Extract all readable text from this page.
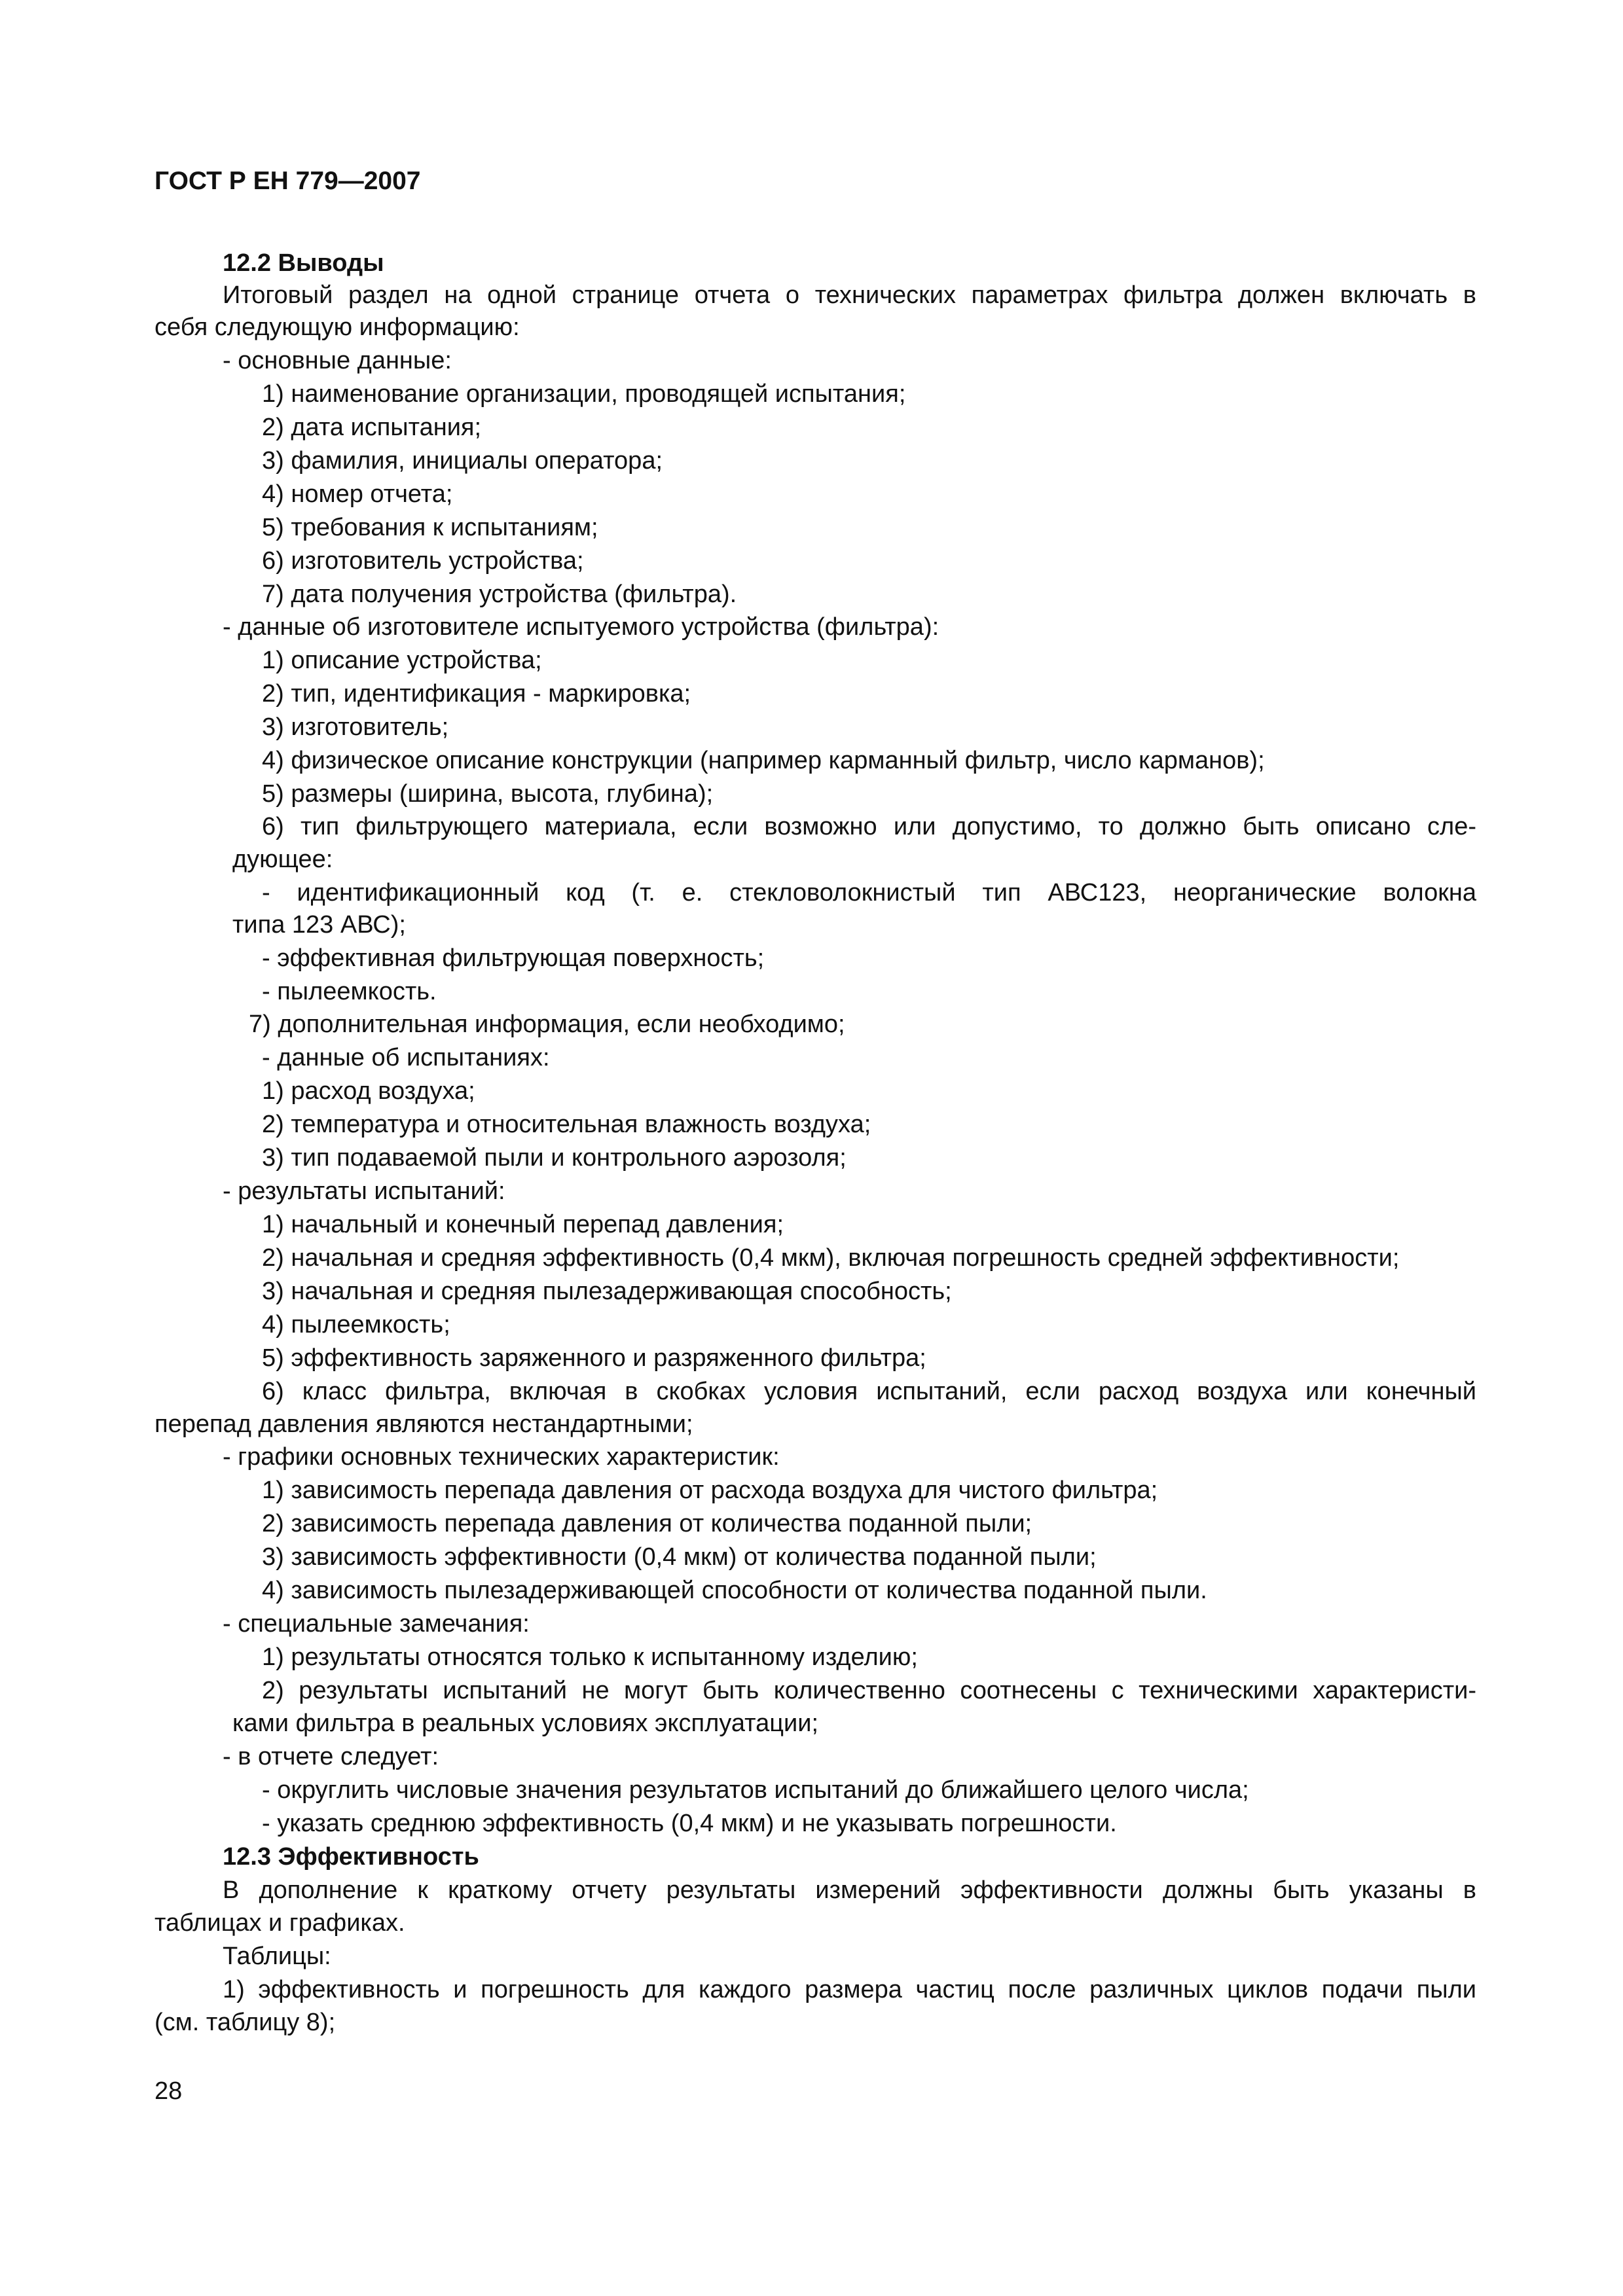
ГОСТ Р ЕН 779—2007
12.2 Выводы
Итоговый раздел на одной странице отчета о технических параметрах фильтра должен включать в
себя следующую информацию:
- основные данные:
1) наименование организации, проводящей испытания;
2) дата испытания;
3) фамилия, инициалы оператора;
4) номер отчета;
5) требования к испытаниям;
6) изготовитель устройства;
7) дата получения устройства (фильтра).
- данные об изготовителе испытуемого устройства (фильтра):
1) описание устройства;
2) тип, идентификация - маркировка;
3) изготовитель;
4) физическое описание конструкции (например карманный фильтр, число карманов);
5) размеры (ширина, высота, глубина);
6) тип фильтрующего материала, если возможно или допустимо, то должно быть описано сле-
дующее:
- идентификационный код (т. е. стекловолокнистый тип АВС123, неорганические волокна
типа 123 АВС);
- эффективная фильтрующая поверхность;
- пылеемкость.
7) дополнительная информация, если необходимо;
- данные об испытаниях:
1) расход воздуха;
2) температура и относительная влажность воздуха;
3) тип подаваемой пыли и контрольного аэрозоля;
- результаты испытаний:
1) начальный и конечный перепад давления;
2) начальная и средняя эффективность (0,4 мкм), включая погрешность средней эффективности;
3) начальная и средняя пылезадерживающая способность;
4) пылеемкость;
5) эффективность заряженного и разряженного фильтра;
6) класс фильтра, включая в скобках условия испытаний, если расход воздуха или конечный
перепад давления являются нестандартными;
- графики основных технических характеристик:
1) зависимость перепада давления от расхода воздуха для чистого фильтра;
2) зависимость перепада давления от количества поданной пыли;
3) зависимость эффективности (0,4 мкм) от количества поданной пыли;
4) зависимость пылезадерживающей способности от количества поданной пыли.
- специальные замечания:
1) результаты относятся только к испытанному изделию;
2) результаты испытаний не могут быть количественно соотнесены с техническими характеристи-
ками фильтра в реальных условиях эксплуатации;
- в отчете следует:
- округлить числовые значения результатов испытаний до ближайшего целого числа;
- указать среднюю эффективность (0,4 мкм) и не указывать погрешности.
12.3 Эффективность
В дополнение к краткому отчету результаты измерений эффективности должны быть указаны в
таблицах и графиках.
Таблицы:
1) эффективность и погрешность для каждого размера частиц после различных циклов подачи пыли
(см. таблицу 8);
28
